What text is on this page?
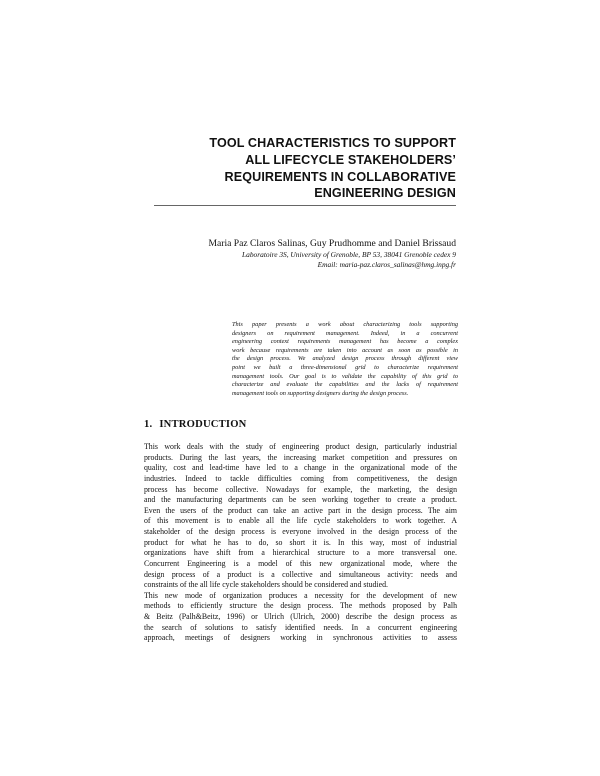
TOOL CHARACTERISTICS TO SUPPORT
ALL LIFECYCLE STAKEHOLDERS’
REQUIREMENTS IN COLLABORATIVE
ENGINEERING DESIGN
Maria Paz Claros Salinas, Guy Prudhomme and Daniel Brissaud
Laboratoire 3S, University of Grenoble, BP 53, 38041 Grenoble cedex 9
Email: maria-paz.claros_salinas@hmg.inpg.fr
This paper presents a work about characterizing tools supporting
designers on requirement management. Indeed, in a concurrent
engineering context requirements management has become a complex
work because requirements are taken into account as soon as possible in
the design process. We analyzed design process through different view
point we built a three-dimensional grid to characterize requirement
management tools. Our goal is to validate the capability of this grid to
characterize and evaluate the capabilities and the lacks of requirement
management tools on supporting designers during the design process.
1. INTRODUCTION
This work deals with the study of engineering product design, particularly industrial
products. During the last years, the increasing market competition and pressures on
quality, cost and lead-time have led to a change in the organizational mode of the
industries. Indeed to tackle difficulties coming from competitiveness, the design
process has become collective. Nowadays for example, the marketing, the design
and the manufacturing departments can be seen working together to create a product.
Even the users of the product can take an active part in the design process. The aim
of this movement is to enable all the life cycle stakeholders to work together. A
stakeholder of the design process is everyone involved in the design process of the
product for what he has to do, so short it is. In this way, most of industrial
organizations have shift from a hierarchical structure to a more transversal one.
Concurrent Engineering is a model of this new organizational mode, where the
design process of a product is a collective and simultaneous activity: needs and
constraints of the all life cycle stakeholders should be considered and studied.
This new mode of organization produces a necessity for the development of new
methods to efficiently structure the design process. The methods proposed by Palh
& Beitz (Palh&Beitz, 1996) or Ulrich (Ulrich, 2000) describe the design process as
the search of solutions to satisfy identified needs. In a concurrent engineering
approach, meetings of designers working in synchronous activities to assess
